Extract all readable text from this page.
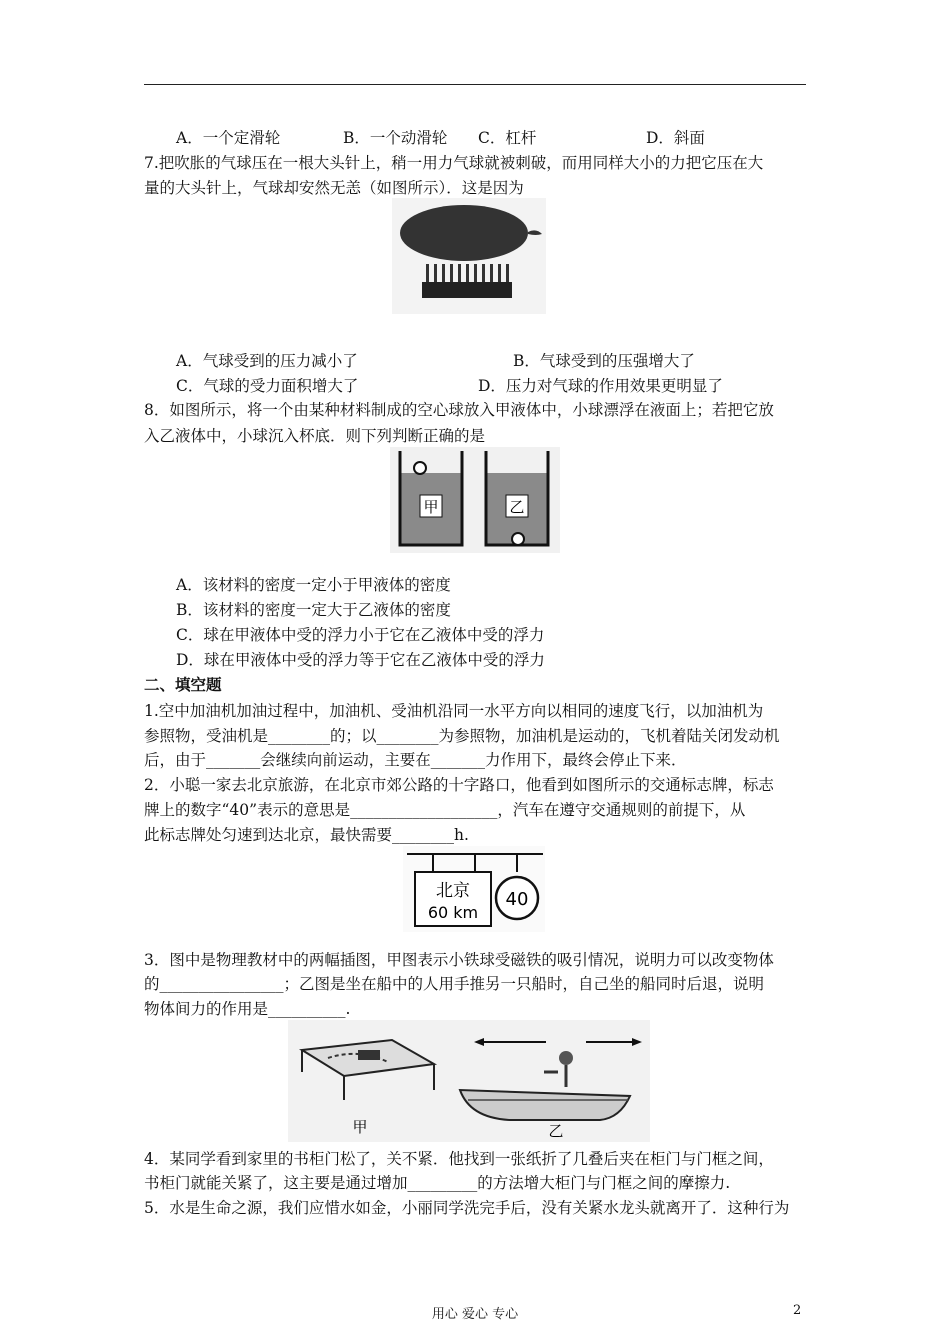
A．一个定滑轮	B．一个动滑轮 C．杠杆	D．斜面
7.把吹胀的气球压在一根大头针上，稍一用力气球就被刺破，而用同样大小的力把它压在大
量的大头针上，气球却安然无恙（如图所示）．这是因为
A．气球受到的压力减小了	B．气球受到的压强增大了
C．气球的受力面积增大了	D．压力对气球的作用效果更明显了
8．如图所示，将一个由某种材料制成的空心球放入甲液体中，小球漂浮在液面上；若把它放
入乙液体中，小球沉入杯底．则下列判断正确的是
甲	乙
A．该材料的密度一定小于甲液体的密度
B．该材料的密度一定大于乙液体的密度
C．球在甲液体中受的浮力小于它在乙液体中受的浮力
D．球在甲液体中受的浮力等于它在乙液体中受的浮力
二、填空题
1.空中加油机加油过程中，加油机、受油机沿同一水平方向以相同的速度飞行，以加油机为
参照物，受油机是________的；以________为参照物，加油机是运动的，飞机着陆关闭发动机
后，由于_______会继续向前运动，主要在_______力作用下，最终会停止下来．
2．小聪一家去北京旅游，在北京市郊公路的十字路口，他看到如图所示的交通标志牌，标志
牌上的数字“40”表示的意思是___________________，汽车在遵守交通规则的前提下，从
此标志牌处匀速到达北京，最快需要________h.
北京
60 km
40
3．图中是物理教材中的两幅插图，甲图表示小铁球受磁铁的吸引情况，说明力可以改变物体
的________________；乙图是坐在船中的人用手推另一只船时，自己坐的船同时后退，说明
物体间力的作用是__________.
甲	乙
4．某同学看到家里的书柜门松了，关不紧．他找到一张纸折了几叠后夹在柜门与门框之间，
书柜门就能关紧了，这主要是通过增加_________的方法增大柜门与门框之间的摩擦力.
5．水是生命之源，我们应惜水如金，小丽同学洗完手后，没有关紧水龙头就离开了．这种行为
用心 爱心 专心	2
